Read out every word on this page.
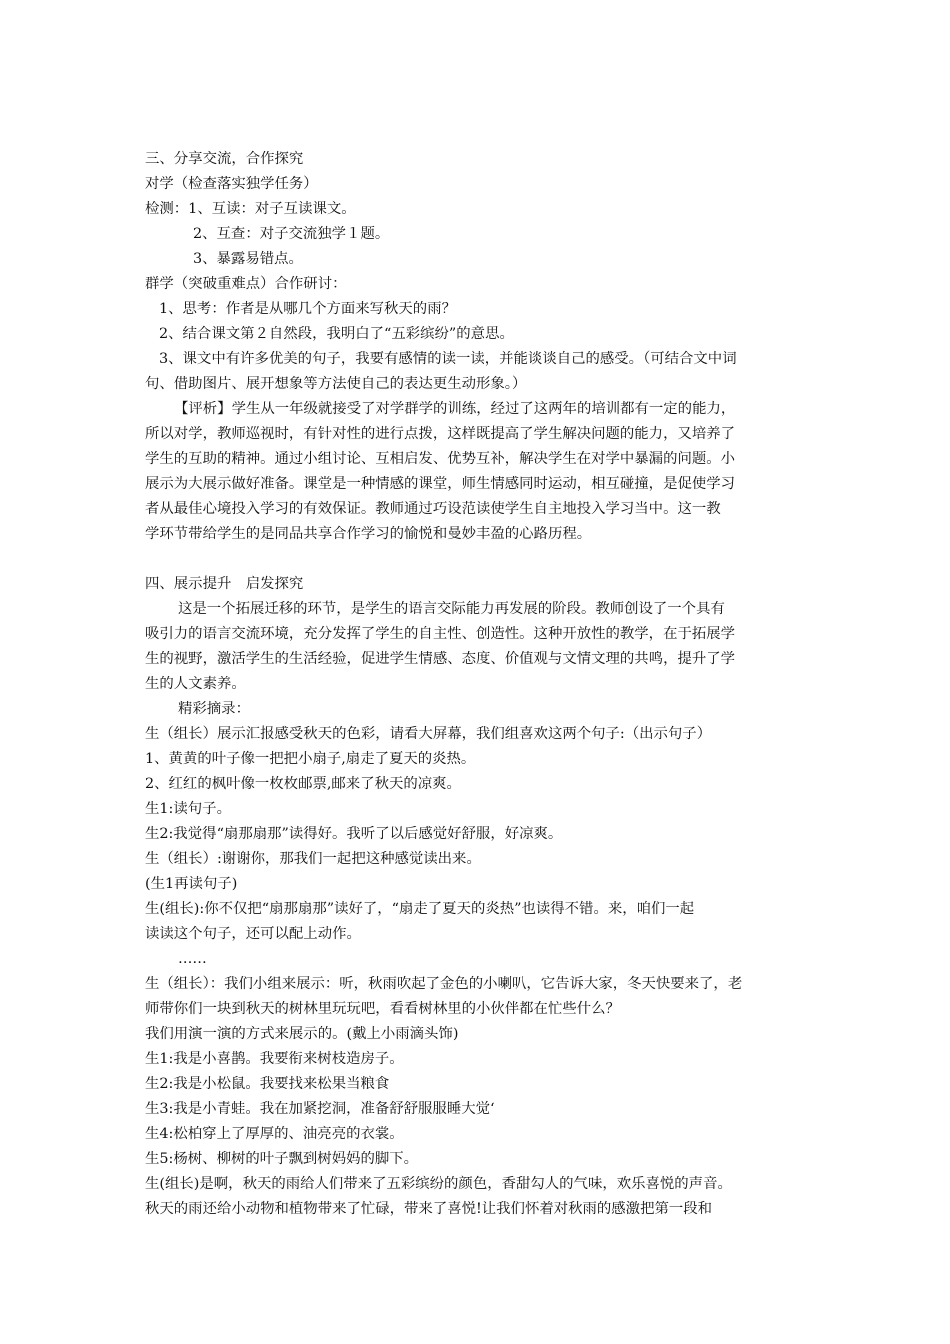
三、分享交流，合作探究
对学（检查落实独学任务）
检测：1、互读：对子互读课文。
2、互查：对子交流独学１题。
3、暴露易错点。
群学（突破重难点）合作研讨：
1、思考：作者是从哪几个方面来写秋天的雨？
2、结合课文第２自然段，我明白了“五彩缤纷”的意思。
3、课文中有许多优美的句子，我要有感情的读一读，并能谈谈自己的感受。（可结合文中词
句、借助图片、展开想象等方法使自己的表达更生动形象。）
【评析】学生从一年级就接受了对学群学的训练，经过了这两年的培训都有一定的能力，
所以对学，教师巡视时，有针对性的进行点拨，这样既提高了学生解决问题的能力，又培养了
学生的互助的精神。通过小组讨论、互相启发、优势互补，解决学生在对学中暴漏的问题。小
展示为大展示做好准备。课堂是一种情感的课堂，师生情感同时运动，相互碰撞，是促使学习
者从最佳心境投入学习的有效保证。教师通过巧设范读使学生自主地投入学习当中。这一教
学环节带给学生的是同品共享合作学习的愉悦和曼妙丰盈的心路历程。
四、展示提升　启发探究
这是一个拓展迁移的环节，是学生的语言交际能力再发展的阶段。教师创设了一个具有
吸引力的语言交流环境，充分发挥了学生的自主性、创造性。这种开放性的教学，在于拓展学
生的视野，激活学生的生活经验，促进学生情感、态度、价值观与文情文理的共鸣，提升了学
生的人文素养。
精彩摘录：
生（组长）展示汇报感受秋天的色彩，请看大屏幕，我们组喜欢这两个句子:（出示句子）
1、黄黄的叶子像一把把小扇子,扇走了夏天的炎热。
2、红红的枫叶像一枚枚邮票,邮来了秋天的凉爽。
生1:读句子。
生2:我觉得“扇那扇那”读得好。我听了以后感觉好舒服，好凉爽。
生（组长）:谢谢你，那我们一起把这种感觉读出来。
(生1再读句子)
生(组长):你不仅把“扇那扇那”读好了，“扇走了夏天的炎热”也读得不错。来，咱们一起
读读这个句子，还可以配上动作。
……
生（组长）：我们小组来展示：听，秋雨吹起了金色的小喇叭，它告诉大家，冬天快要来了，老
师带你们一块到秋天的树林里玩玩吧，看看树林里的小伙伴都在忙些什么？
我们用演一演的方式来展示的。(戴上小雨滴头饰)
生1:我是小喜鹊。我要衔来树枝造房子。
生2:我是小松鼠。我要找来松果当粮食
生3:我是小青蛙。我在加紧挖洞，准备舒舒服服睡大觉‘
生4:松柏穿上了厚厚的、油亮亮的衣裳。
生5:杨树、柳树的叶子飘到树妈妈的脚下。
生(组长)是啊，秋天的雨给人们带来了五彩缤纷的颜色，香甜勾人的气味，欢乐喜悦的声音。
秋天的雨还给小动物和植物带来了忙碌，带来了喜悦!让我们怀着对秋雨的感激把第一段和
